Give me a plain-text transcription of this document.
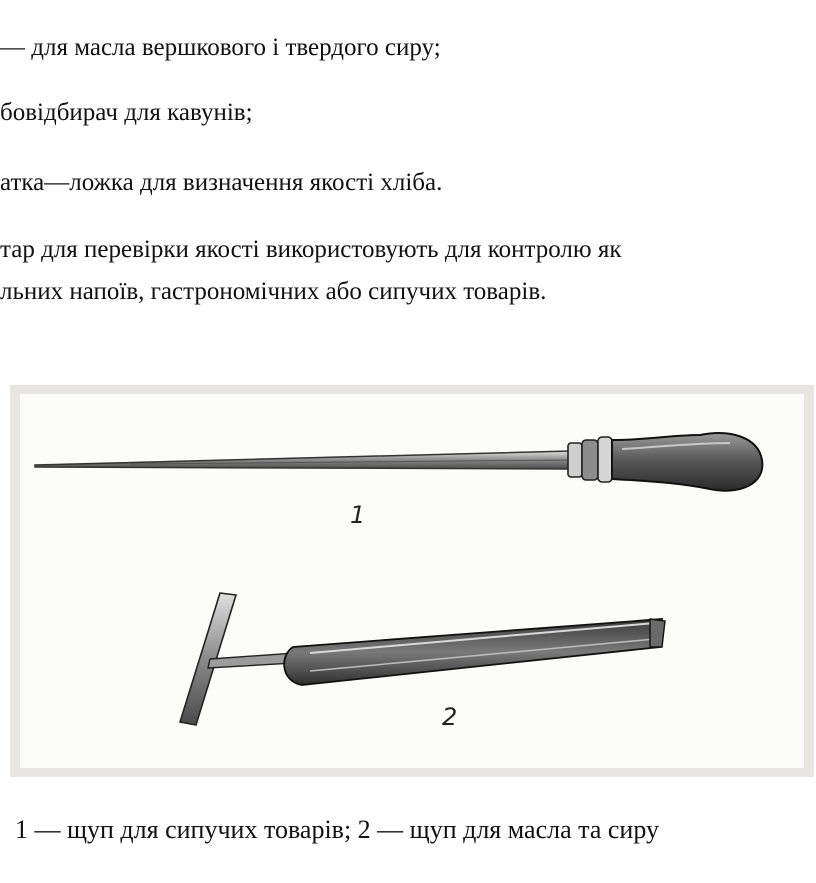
— для масла вершкового і твердого сиру;
бовідбирач для кавунів;
атка—ложка для визначення якості хліба.
тар для перевірки якості використовують для контролю як
льних напоїв, гастрономічних або сипучих товарів.
1
2
1 — щуп для сипучих товарів; 2 — щуп для масла та сиру
